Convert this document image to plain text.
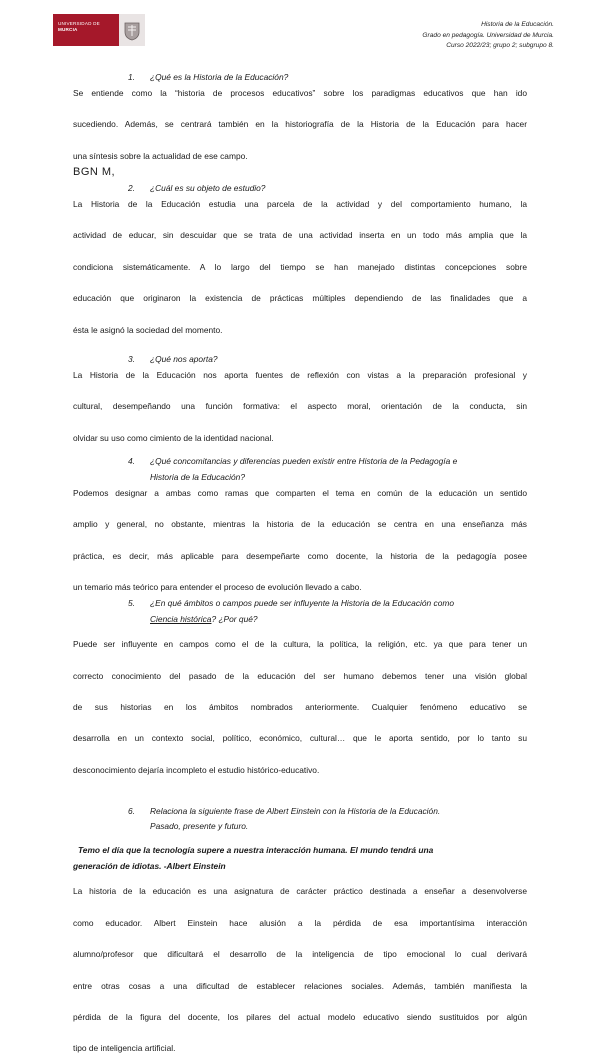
UNIVERSIDAD DE
MURCIA
Historia de la Educación.
Grado en pedagogía. Universidad de Murcia.
Curso 2022/23; grupo 2; subgrupo 8.
1.	¿Qué es la Historia de la Educación?
Se entiende como la “historia de procesos educativos” sobre los paradigmas educativos que han ido
sucediendo. Además, se centrará también en la historiografía de la Historia de la Educación para hacer
una síntesis sobre la actualidad de ese campo.
BGN M,
2.	¿Cuál es su objeto de estudio?
La Historia de la Educación estudia una parcela de la actividad y del comportamiento humano, la
actividad de educar, sin descuidar que se trata de una actividad inserta en un todo más amplia que la
condiciona sistemáticamente. A lo largo del tiempo se han manejado distintas concepciones sobre
educación que originaron la existencia de prácticas múltiples dependiendo de las finalidades que a
ésta le asignó la sociedad del momento.
3.	¿Qué nos aporta?
La Historia de la Educación nos aporta fuentes de reflexión con vistas a la preparación profesional y
cultural, desempeñando una función formativa: el aspecto moral, orientación de la conducta, sin
olvidar su uso como cimiento de la identidad nacional.
4.	¿Qué concomitancias y diferencias pueden existir entre Historia de la Pedagogía e
Historia de la Educación?
Podemos designar a ambas como ramas que comparten el tema en común de la educación un sentido
amplio y general, no obstante, mientras la historia de la educación se centra en una enseñanza más
práctica, es decir, más aplicable para desempeñarte como docente, la historia de la pedagogía posee
un temario más teórico para entender el proceso de evolución llevado a cabo.
5.	¿En qué ámbitos o campos puede ser influyente la Historia de la Educación como
Ciencia histórica? ¿Por qué?
Puede ser influyente en campos como el de la cultura, la política, la religión, etc. ya que para tener un
correcto conocimiento del pasado de la educación del ser humano debemos tener una visión global
de sus historias en los ámbitos nombrados anteriormente. Cualquier fenómeno educativo se
desarrolla en un contexto social, político, económico, cultural… que le aporta sentido, por lo tanto su
desconocimiento dejaría incompleto el estudio histórico-educativo.
6.	Relaciona la siguiente frase de Albert Einstein con la Historia de la Educación.
Pasado, presente y futuro.
Temo el día que la tecnología supere a nuestra interacción humana. El mundo tendrá una
generación de idiotas. -Albert Einstein
La historia de la educación es una asignatura de carácter práctico destinada a enseñar a desenvolverse
como educador. Albert Einstein hace alusión a la pérdida de esa importantísima interacción
alumno/profesor que dificultará el desarrollo de la inteligencia de tipo emocional lo cual derivará
entre otras cosas a una dificultad de establecer relaciones sociales. Además, también manifiesta la
pérdida de la figura del docente, los pilares del actual modelo educativo siendo sustituidos por algún
tipo de inteligencia artificial.
